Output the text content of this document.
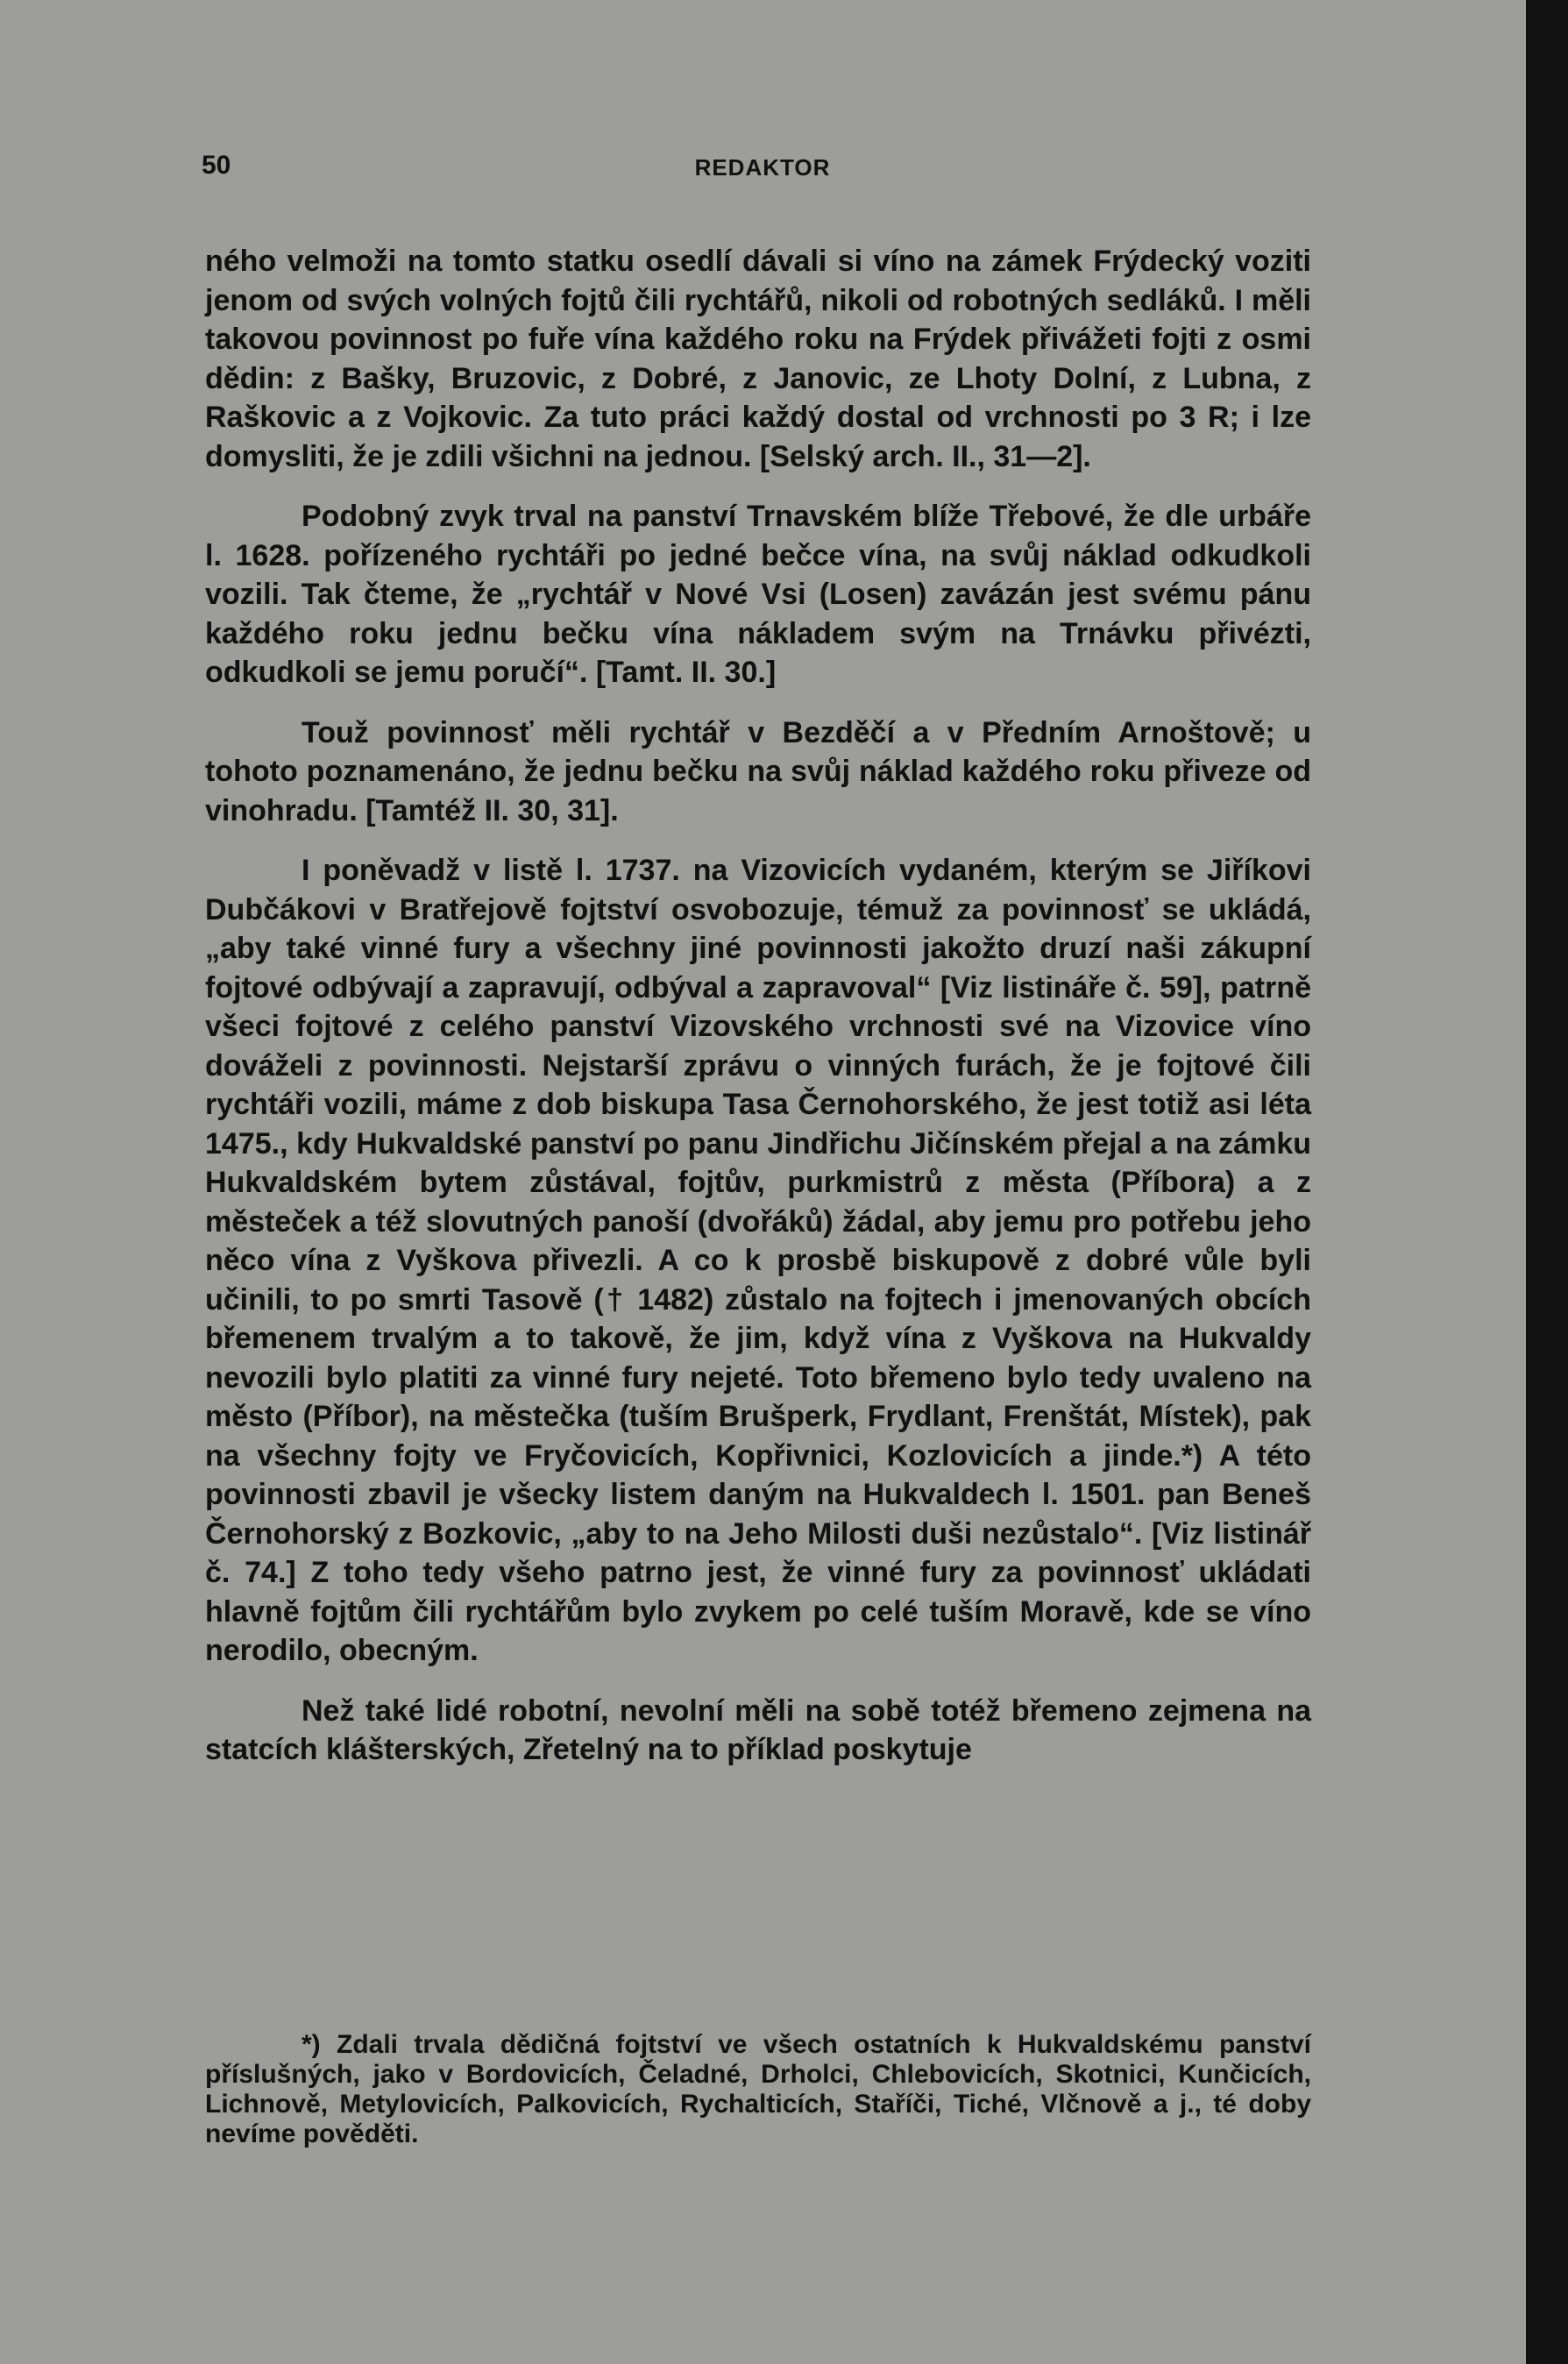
50	REDAKTOR

ného velmoži na tomto statku osedlí dávali si víno na zámek Frýdecký voziti jenom od svých volných fojtů čili rychtářů, nikoli od robotných sedláků. I měli takovou povinnost po fuře vína každého roku na Frýdek přivážeti fojti z osmi dědin: z Bašky, Bruzovic, z Dobré, z Janovic, ze Lhoty Dolní, z Lubna, z Raškovic a z Vojkovic. Za tuto práci každý dostal od vrchnosti po 3 R; i lze domysliti, že je zdili všichni na jednou. [Selský arch. II., 31—2].

Podobný zvyk trval na panství Trnavském blíže Třebové, že dle urbáře l. 1628. pořízeného rychtáři po jedné bečce vína, na svůj náklad odkudkoli vozili. Tak čteme, že „rychtář v Nové Vsi (Losen) zavázán jest svému pánu každého roku jednu bečku vína nákladem svým na Trnávku přivézti, odkudkoli se jemu poručí“. [Tamt. II. 30.]

Touž povinnosť měli rychtář v Bezděčí a v Předním Arnoštově; u tohoto poznamenáno, že jednu bečku na svůj náklad každého roku přiveze od vinohradu. [Tamtéž II. 30, 31].

I poněvadž v listě l. 1737. na Vizovicích vydaném, kterým se Jiříkovi Dubčákovi v Bratřejově fojtství osvobozuje, témuž za povinnosť se ukládá, „aby také vinné fury a všechny jiné povinnosti jakožto druzí naši zákupní fojtové odbývají a zapravují, odbýval a zapravoval“ [Viz listináře č. 59], patrně všeci fojtové z celého panství Vizovského vrchnosti své na Vizovice víno dováželi z povinnosti. Nejstarší zprávu o vinných furách, že je fojtové čili rychtáři vozili, máme z dob biskupa Tasa Černohorského, že jest totiž asi léta 1475., kdy Hukvaldské panství po panu Jindřichu Jičínském přejal a na zámku Hukvaldském bytem zůstával, fojtův, purkmistrů z města (Příbora) a z městeček a též slovutných panoší (dvořáků) žádal, aby jemu pro potřebu jeho něco vína z Vyškova přivezli. A co k prosbě biskupově z dobré vůle byli učinili, to po smrti Tasově († 1482) zůstalo na fojtech i jmenovaných obcích břemenem trvalým a to takově, že jim, když vína z Vyškova na Hukvaldy nevozili bylo platiti za vinné fury nejeté. Toto břemeno bylo tedy uvaleno na město (Příbor), na městečka (tuším Brušperk, Frydlant, Frenštát, Místek), pak na všechny fojty ve Fryčovicích, Kopřivnici, Kozlovicích a jinde.*) A této povinnosti zbavil je všecky listem daným na Hukvaldech l. 1501. pan Beneš Černohorský z Bozkovic, „aby to na Jeho Milosti duši nezůstalo“. [Viz listinář č. 74.] Z toho tedy všeho patrno jest, že vinné fury za povinnosť ukládati hlavně fojtům čili rychtářům bylo zvykem po celé tuším Moravě, kde se víno nerodilo, obecným.

Než také lidé robotní, nevolní měli na sobě totéž břemeno zejmena na statcích klášterských, Zřetelný na to příklad poskytuje

*) Zdali trvala dědičná fojtství ve všech ostatních k Hukvaldskému panství příslušných, jako v Bordovicích, Čeladné, Drholci, Chlebovicích, Skotnici, Kunčicích, Lichnově, Metylovicích, Palkovicích, Rychalticích, Staříči, Tiché, Vlčnově a j., té doby nevíme pověděti.
